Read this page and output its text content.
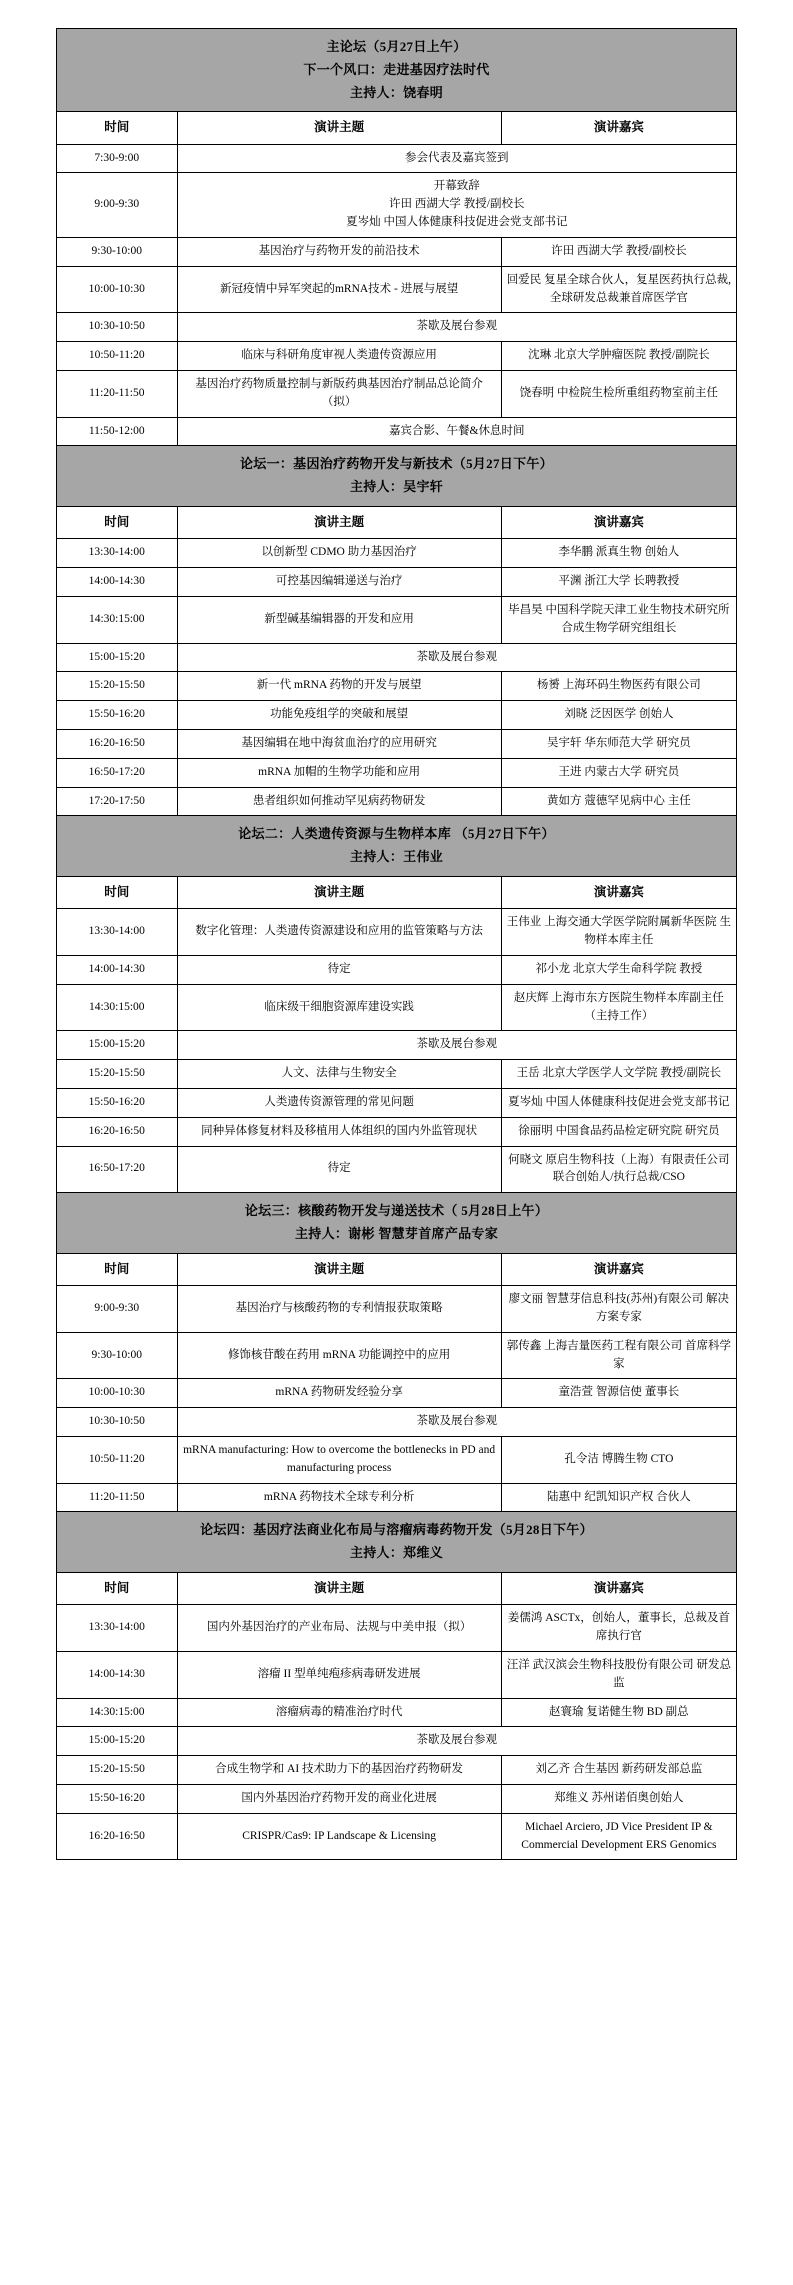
主论坛（5月27日上午）
下一个风口：走进基因疗法时代
主持人：饶春明		

时间	演讲主题	演讲嘉宾
7:30-9:00	参会代表及嘉宾签到	
9:00-9:30	开幕致辞
许田 西湖大学 教授/副校长
夏岑灿 中国人体健康科技促进会党支部书记	
9:30-10:00	基因治疗与药物开发的前沿技术	许田 西湖大学 教授/副校长
10:00-10:30	新冠疫情中异军突起的mRNA技术 - 进展与展望	回爱民 复星全球合伙人，复星医药执行总裁, 全球研发总裁兼首席医学官
10:30-10:50	茶歇及展台参观	
10:50-11:20	临床与科研角度审视人类遗传资源应用	沈琳 北京大学肿瘤医院 教授/副院长
11:20-11:50	基因治疗药物质量控制与新版药典基因治疗制品总论简介（拟）	饶春明 中检院生检所重组药物室前主任
11:50-12:00	嘉宾合影、午餐&休息时间	

论坛一：基因治疗药物开发与新技术（5月27日下午）
主持人：吴宇轩		

时间	演讲主题	演讲嘉宾
13:30-14:00	以创新型 CDMO 助力基因治疗	李华鹏 派真生物 创始人
14:00-14:30	可控基因编辑递送与治疗	平渊 浙江大学 长聘教授
14:30:15:00	新型碱基编辑器的开发和应用	毕昌昊 中国科学院天津工业生物技术研究所合成生物学研究组组长
15:00-15:20	茶歇及展台参观	
15:20-15:50	新一代 mRNA 药物的开发与展望	杨赟 上海环码生物医药有限公司
15:50-16:20	功能免疫组学的突破和展望	刘晓 泛因医学 创始人
16:20-16:50	基因编辑在地中海贫血治疗的应用研究	吴宇轩 华东师范大学 研究员
16:50-17:20	mRNA 加帽的生物学功能和应用	王进 内蒙古大学 研究员
17:20-17:50	患者组织如何推动罕见病药物研发	黄如方 蔻德罕见病中心 主任

论坛二：人类遗传资源与生物样本库 （5月27日下午）
主持人：王伟业		

时间	演讲主题	演讲嘉宾
13:30-14:00	数字化管理：人类遗传资源建设和应用的监管策略与方法	王伟业 上海交通大学医学院附属新华医院 生物样本库主任
14:00-14:30	待定	祁小龙 北京大学生命科学院 教授
14:30:15:00	临床级干细胞资源库建设实践	赵庆辉 上海市东方医院生物样本库副主任（主持工作）
15:00-15:20	茶歇及展台参观	
15:20-15:50	人文、法律与生物安全	王岳 北京大学医学人文学院 教授/副院长
15:50-16:20	人类遗传资源管理的常见问题	夏岑灿 中国人体健康科技促进会党支部书记
16:20-16:50	同种异体修复材料及移植用人体组织的国内外监管现状	徐丽明 中国食品药品检定研究院 研究员
16:50-17:20	待定	何晓文 原启生物科技（上海）有限责任公司 联合创始人/执行总裁/CSO

论坛三：核酸药物开发与递送技术（ 5月28日上午）
主持人：谢彬 智慧芽首席产品专家		

时间	演讲主题	演讲嘉宾
9:00-9:30	基因治疗与核酸药物的专利情报获取策略	廖文丽 智慧芽信息科技(苏州)有限公司 解决方案专家
9:30-10:00	修饰核苷酸在药用 mRNA 功能调控中的应用	郭传鑫 上海吉量医药工程有限公司 首席科学家
10:00-10:30	mRNA 药物研发经验分享	童浩萱 智源信使 董事长
10:30-10:50	茶歇及展台参观	
10:50-11:20	mRNA manufacturing: How to overcome the bottlenecks in PD and manufacturing process	孔令洁 博腾生物 CTO
11:20-11:50	mRNA 药物技术全球专利分析	陆惠中 纪凯知识产权 合伙人

论坛四：基因疗法商业化布局与溶瘤病毒药物开发（5月28日下午）
主持人：郑维义		

时间	演讲主题	演讲嘉宾
13:30-14:00	国内外基因治疗的产业布局、法规与中美申报（拟）	姜儒鸿 ASCTx，创始人，董事长，总裁及首席执行官
14:00-14:30	溶瘤 II 型单纯疱疹病毒研发进展	汪洋 武汉滨会生物科技股份有限公司 研发总监
14:30:15:00	溶瘤病毒的精准治疗时代	赵寰瑜 复诺健生物 BD 副总
15:00-15:20	茶歇及展台参观	
15:20-15:50	合成生物学和 AI 技术助力下的基因治疗药物研发	刘乙齐 合生基因 新药研发部总监
15:50-16:20	国内外基因治疗药物开发的商业化进展	郑维义 苏州诺佰奥创始人
16:20-16:50	CRISPR/Cas9: IP Landscape & Licensing	Michael Arciero, JD Vice President IP & Commercial Development ERS Genomics
